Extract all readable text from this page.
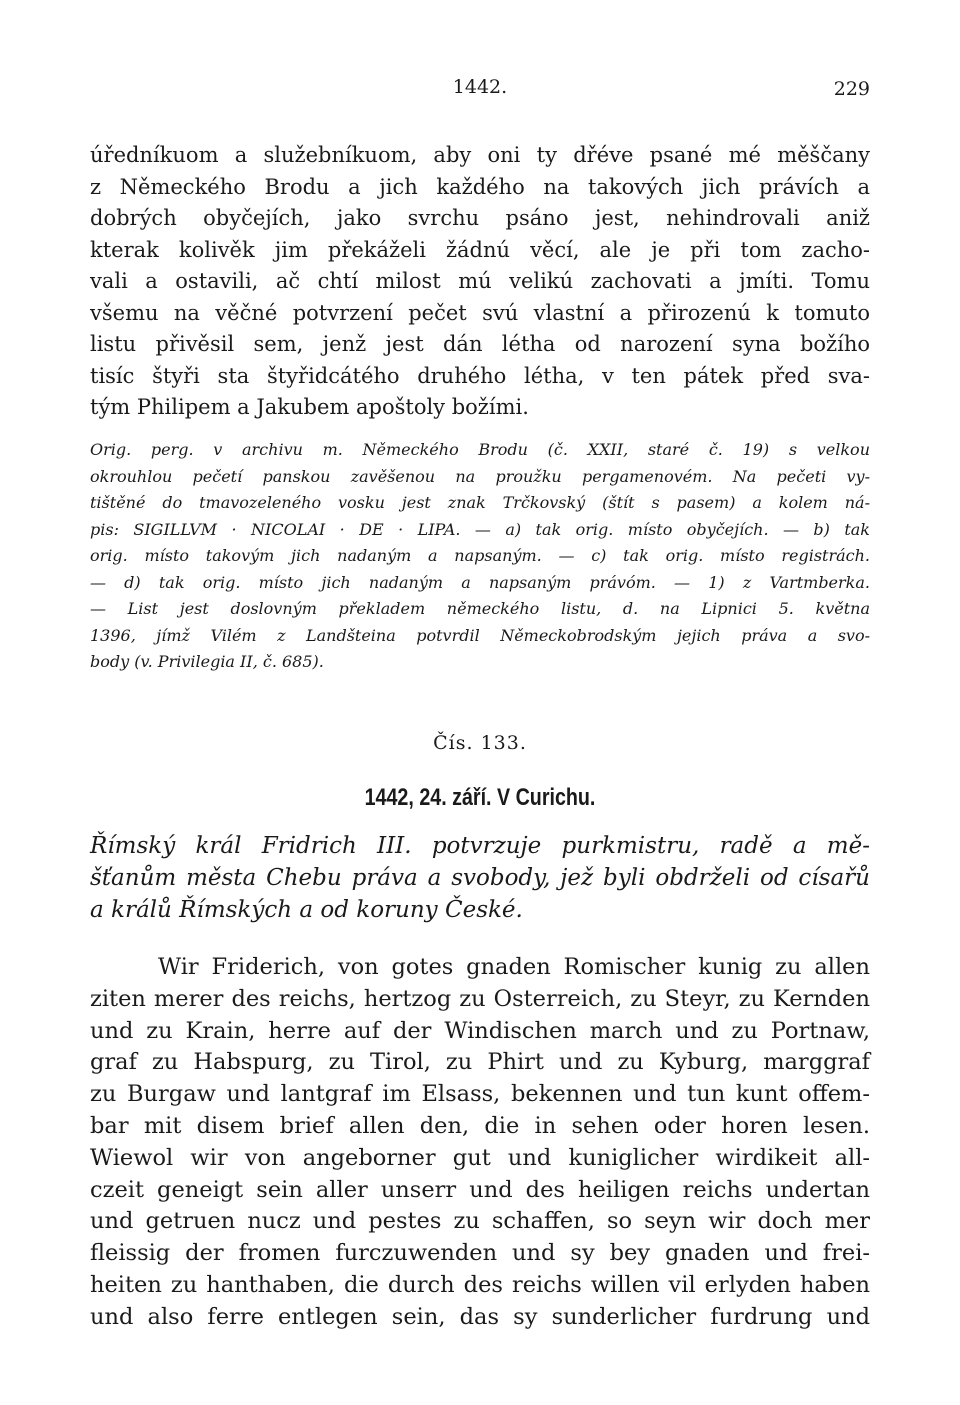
1442.	229
úředníkuom a služebníkuom, aby oni ty dřéve psané mé měščany
z Německého Brodu a jich každého na takových jich právích a
dobrých obyčejích, jako svrchu psáno jest, nehindrovali aniž
kterak kolivěk jim překáželi žádnú věcí, ale je při tom zacho-
vali a ostavili, ač chtí milost mú velikú zachovati a jmíti. Tomu
všemu na věčné potvrzení pečet svú vlastní a přirozenú k tomuto
listu přivěsil sem, jenž jest dán létha od narození syna božího
tisíc štyři sta štyřidcátého druhého létha, v ten pátek před sva-
tým Philipem a Jakubem apoštoly božími.
Orig. perg. v archivu m. Německého Brodu (č. XXII, staré č. 19) s velkou
okrouhlou pečetí panskou zavěšenou na proužku pergamenovém. Na pečeti vy-
tištěné do tmavozeleného vosku jest znak Trčkovský (štít s pasem) a kolem ná-
pis: SIGILLVM · NICOLAI · DE · LIPA. — a) tak orig. místo obyčejích. — b) tak
orig. místo takovým jich nadaným a napsaným. — c) tak orig. místo registrách.
— d) tak orig. místo jich nadaným a napsaným právóm. — 1) z Vartmberka.
— List jest doslovným překladem německého listu, d. na Lipnici 5. května
1396, jímž Vilém z Landšteina potvrdil Německobrodským jejich práva a svo-
body (v. Privilegia II, č. 685).
Čís. 133.
1442, 24. září. V Curichu.
Římský král Fridrich III. potvrzuje purkmistru, radě a mě-
šťanům města Chebu práva a svobody, jež byli obdrželi od císařů
a králů Římských a od koruny České.
Wir Friderich, von gotes gnaden Romischer kunig zu allen
ziten merer des reichs, hertzog zu Osterreich, zu Steyr, zu Kernden
und zu Krain, herre auf der Windischen march und zu Portnaw,
graf zu Habspurg, zu Tirol, zu Phirt und zu Kyburg, marggraf
zu Burgaw und lantgraf im Elsass, bekennen und tun kunt offem-
bar mit disem brief allen den, die in sehen oder horen lesen.
Wiewol wir von angeborner gut und kuniglicher wirdikeit all-
czeit geneigt sein aller unserr und des heiligen reichs undertan
und getruen nucz und pestes zu schaffen, so seyn wir doch mer
fleissig der fromen furczuwenden und sy bey gnaden und frei-
heiten zu hanthaben, die durch des reichs willen vil erlyden haben
und also ferre entlegen sein, das sy sunderlicher furdrung und
